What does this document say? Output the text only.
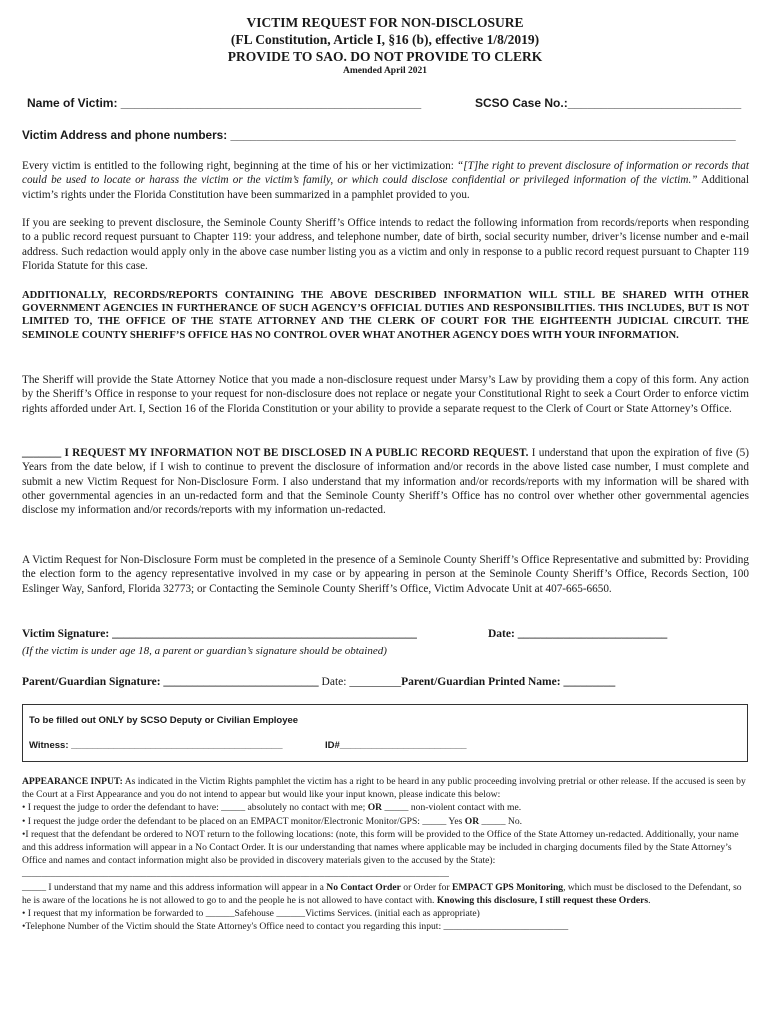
VICTIM REQUEST FOR NON-DISCLOSURE
(FL Constitution, Article I, §16 (b), effective 1/8/2019)
PROVIDE TO SAO. DO NOT PROVIDE TO CLERK
Amended April 2021
Name of Victim: _____________________________________________	SCSO Case No.:__________________________
Victim Address and phone numbers: _____________________________________________________________________________
Every victim is entitled to the following right, beginning at the time of his or her victimization: “[T]he right to prevent disclosure of information or records that could be used to locate or harass the victim or the victim’s family, or which could disclose confidential or privileged information of the victim.” Additional victim’s rights under the Florida Constitution have been summarized in a pamphlet provided to you.
If you are seeking to prevent disclosure, the Seminole County Sheriff’s Office intends to redact the following information from records/reports when responding to a public record request pursuant to Chapter 119: your address, and telephone number, date of birth, social security number, driver’s license number and e-mail address. Such redaction would apply only in the above case number listing you as a victim and only in response to a public record request pursuant to Chapter 119 Florida Statute for this case.
ADDITIONALLY, RECORDS/REPORTS CONTAINING THE ABOVE DESCRIBED INFORMATION WILL STILL BE SHARED WITH OTHER GOVERNMENT AGENCIES IN FURTHERANCE OF SUCH AGENCY’S OFFICIAL DUTIES AND RESPONSIBILITIES. THIS INCLUDES, BUT IS NOT LIMITED TO, THE OFFICE OF THE STATE ATTORNEY AND THE CLERK OF COURT FOR THE EIGHTEENTH JUDICIAL CIRCUIT. THE SEMINOLE COUNTY SHERIFF’S OFFICE HAS NO CONTROL OVER WHAT ANOTHER AGENCY DOES WITH YOUR INFORMATION.
The Sheriff will provide the State Attorney Notice that you made a non-disclosure request under Marsy’s Law by providing them a copy of this form. Any action by the Sheriff’s Office in response to your request for non-disclosure does not replace or negate your Constitutional Right to seek a Court Order to enforce victim rights afforded under Art. I, Section 16 of the Florida Constitution or your ability to provide a separate request to the Clerk of Court or State Attorney’s Office.
_______ I REQUEST MY INFORMATION NOT BE DISCLOSED IN A PUBLIC RECORD REQUEST. I understand that upon the expiration of five (5) Years from the date below, if I wish to continue to prevent the disclosure of information and/or records in the above listed case number, I must complete and submit a new Victim Request for Non-Disclosure Form. I also understand that my information and/or records/reports with my information will be shared with other governmental agencies in an un-redacted form and that the Seminole County Sheriff’s Office has no control over whether other governmental agencies disclose my information and/or records/reports with my information un-redacted.
A Victim Request for Non-Disclosure Form must be completed in the presence of a Seminole County Sheriff’s Office Representative and submitted by: Providing the election form to the agency representative involved in my case or by appearing in person at the Seminole County Sheriff’s Office, Records Section, 100 Eslinger Way, Sanford, Florida 32773; or Contacting the Seminole County Sheriff’s Office, Victim Advocate Unit at 407-665-6650.
Victim Signature: _____________________________________________________	Date: __________________________
(If the victim is under age 18, a parent or guardian’s signature should be obtained)
Parent/Guardian Signature: ___________________________ Date: _________Parent/Guardian Printed Name: _________
To be filled out ONLY by SCSO Deputy or Civilian Employee
Witness: ________________________________________	ID#________________________

APPEARANCE INPUT: As indicated in the Victim Rights pamphlet the victim has a right to be heard in any public proceeding involving pretrial or other release. If the accused is seen by the Court at a First Appearance and you do not intend to appear but would like your input known, please indicate this below:

• I request the judge to order the defendant to have: _____ absolutely no contact with me; OR _____ non-violent contact with me.

• I request the judge order the defendant to be placed on an EMPACT monitor/Electronic Monitor/GPS: _____ Yes OR _____ No.

•I request that the defendant be ordered to NOT return to the following locations: (note, this form will be provided to the Office of the State Attorney un-redacted. Additionally, your name and this address information will appear in a No Contact Order. It is our understanding that names where applicable may be included in charging documents filed by the State Attorney’s Office and names and contact information might also be provided in discovery materials given to the accused by the State): _________________________________________________________________________________________

_____ I understand that my name and this address information will appear in a No Contact Order or Order for EMPACT GPS Monitoring, which must be disclosed to the Defendant, so he is aware of the locations he is not allowed to go to and the people he is not allowed to have contact with. Knowing this disclosure, I still request these Orders.

• I request that my information be forwarded to ______Safehouse ______Victims Services. (initial each as appropriate)

•Telephone Number of the Victim should the State Attorney's Office need to contact you regarding this input: __________________________
